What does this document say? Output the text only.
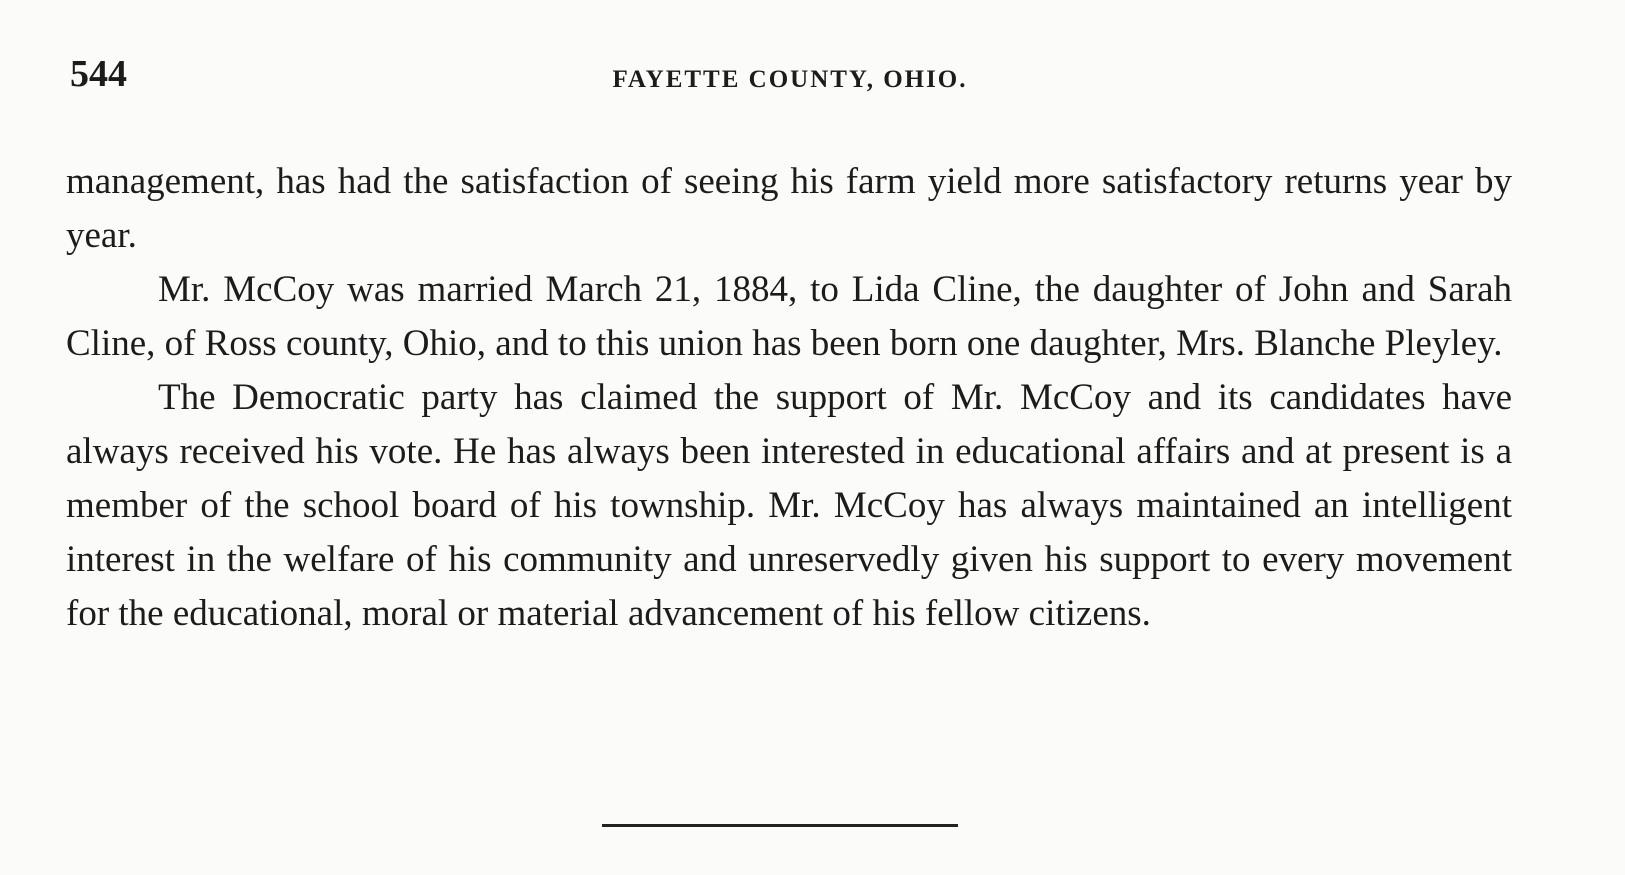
544	FAYETTE COUNTY, OHIO.

management, has had the satisfaction of seeing his farm yield more satisfactory returns year by year.

Mr. McCoy was married March 21, 1884, to Lida Cline, the daughter of John and Sarah Cline, of Ross county, Ohio, and to this union has been born one daughter, Mrs. Blanche Pleyley.

The Democratic party has claimed the support of Mr. McCoy and its candidates have always received his vote. He has always been interested in educational affairs and at present is a member of the school board of his township. Mr. McCoy has always maintained an intelligent interest in the welfare of his community and unreservedly given his support to every movement for the educational, moral or material advancement of his fellow citizens.
